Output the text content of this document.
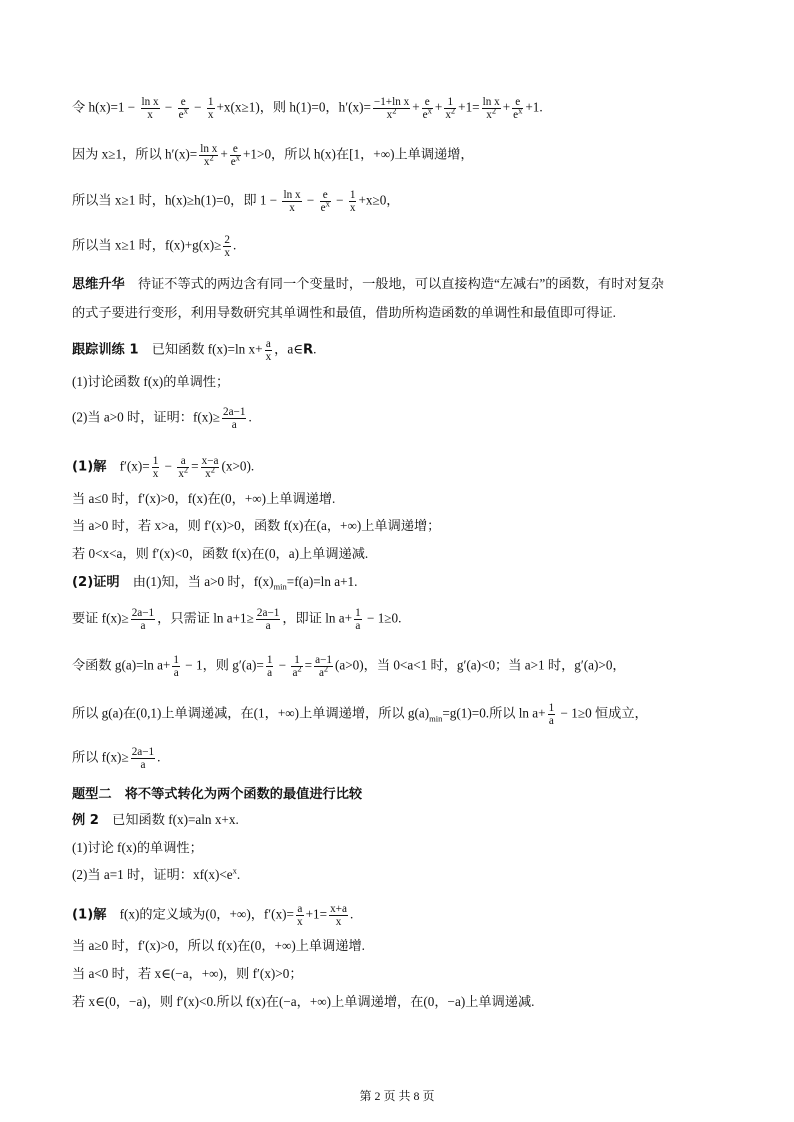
令 $h(x)=1 - \frac{\text{ln x}}{x} - \frac{e}{e^x} - \frac{1}{x} +x(x\ge 1)$，则 h(1)=0，$h'(x)= \frac{\text{−1+ln x}}{x^2} + \frac{e}{e^x} + \frac{1}{x^2} +1= \frac{\text{ln x}}{x^2} + \frac{e}{e^x} +1$.
因为 x≥1，所以 $h'(x)= \frac{\text{ln x}}{x^2} + \frac{e}{e^x} +1>0$，所以 h(x)在[1，+∞)上单调递增，
所以当 x≥1 时，h(x)≥h(1)=0，即 $1 - \frac{\text{ln x}}{x} - \frac{e}{e^x} - \frac{1}{x} +x\ge 0$，
所以当 x≥1 时，$f(x)+g(x)\ge \frac{2}{x}$ .
思维升华　待证不等式的两边含有同一个变量时，一般地，可以直接构造“左减右”的函数，有时对复杂
的式子要进行变形，利用导数研究其单调性和最值，借助所构造函数的单调性和最值即可得证.
跟踪训练 1　已知函数 f(x)=ln $x+ \frac{a}{x}$ ，a∈R.
(1)讨论函数 f(x)的单调性；
(2)当 a>0 时，证明：$f(x)\ge \frac{2a-1}{a}$ .
(1)解　$f'(x)= \frac{1}{x} - \frac{a}{x^2} = \frac{x-a}{x^2} (x>0)$.
当 a≤0 时，f′(x)>0，f(x)在(0，+∞)上单调递增.
当 a>0 时，若 x>a，则 f′(x)>0，函数 f(x)在(a，+∞)上单调递增；
若 0<x<a，则 f′(x)<0，函数 f(x)在(0，a)上单调递减.
(2)证明　由(1)知，当 a>0 时，$f(x)_{min}=f(a)=\ln$ a+1.
要证 $f(x)\ge \frac{2a-1}{a}$ ，只需证 $\ln a+1\ge \frac{2a-1}{a}$ ，即证 $\ln a+ \frac{1}{a} - 1\ge 0$.
令函数 g(a)=ln $a+ \frac{1}{a} - 1$，则 $g'(a)= \frac{1}{a} - \frac{1}{a^2} = \frac{a-1}{a^2} (a>0)$，当 0<a<1 时，g′(a)<0；当 a>1 时，g′(a)>0，
所以 g(a)在(0,1)上单调递减，在(1，+∞)上单调递增，所以 $g(a)_{min}=g(1)=0$.所以 $\ln a+ \frac{1}{a} - 1\ge 0$ 恒成立，
所以 $f(x)\ge \frac{2a-1}{a}$ .
题型二　将不等式转化为两个函数的最值进行比较
例 2　已知函数 f(x)=aln x+x.
(1)讨论 f(x)的单调性；
(2)当 a=1 时，证明：$xf(x)<e^x$.
(1)解　f(x)的定义域为(0，+∞)，$f'(x)= \frac{a}{x} +1= \frac{x+a}{x}$ .
当 a≥0 时，f′(x)>0，所以 f(x)在(0，+∞)上单调递增.
当 a<0 时，若 x∈(−a，+∞)，则 f′(x)>0；
若 x∈(0，−a)，则 f′(x)<0.所以 f(x)在(−a，+∞)上单调递增，在(0，−a)上单调递减.
第 2 页 共 8 页
